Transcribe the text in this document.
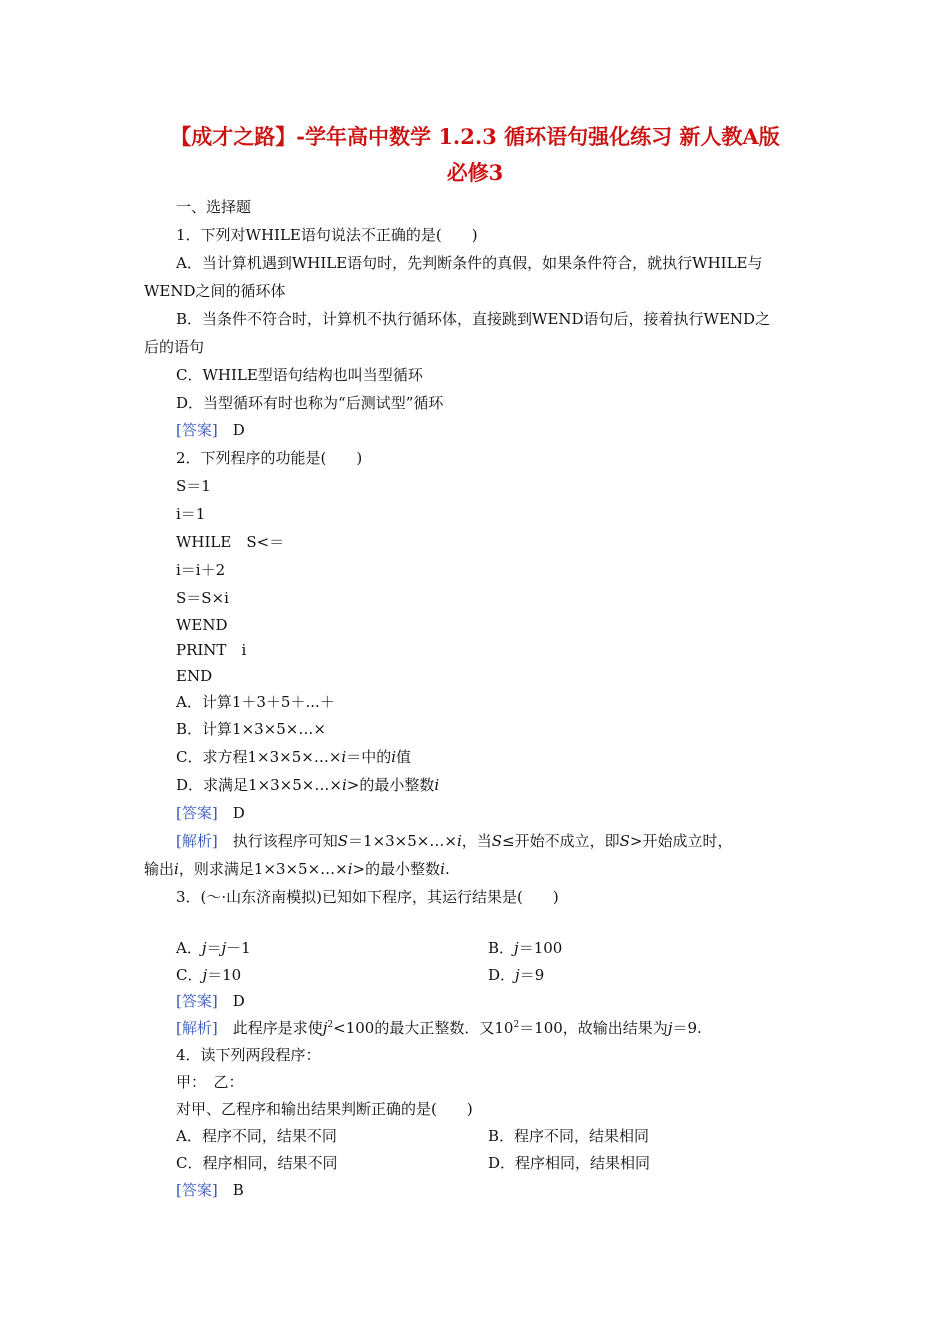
【成才之路】-学年高中数学 1.2.3 循环语句强化练习 新人教A版
必修3
一、选择题
1．下列对WHILE语句说法不正确的是(　　)
A．当计算机遇到WHILE语句时，先判断条件的真假，如果条件符合，就执行WHILE与
WEND之间的循环体
B．当条件不符合时，计算机不执行循环体，直接跳到WEND语句后，接着执行WEND之
后的语句
C．WHILE型语句结构也叫当型循环
D．当型循环有时也称为“后测试型”循环
[答案]　 D
2．下列程序的功能是(　　)
S＝1
i＝1
WHILE　S<＝
i＝i＋2
S＝S×i
WEND
PRINT　i
END
A．计算1＋3＋5＋...＋
B．计算1×3×5×…×
C．求方程1×3×5×…×i＝中的i值
D．求满足1×3×5×…×i>的最小整数i
[答案]　 D
[解析]　 执行该程序可知S＝1×3×5×…×i，当S≤开始不成立，即S>开始成立时，
输出i，则求满足1×3×5×…×i>的最小整数i.
3．(～·山东济南模拟)已知如下程序，其运行结果是(　　)
A．j＝j－1	B．j＝100
C．j＝10	D．j＝9
[答案]　 D
[解析]　 此程序是求使$j^2<100$的最大正整数．又$10^2=100$，故输出结果为j＝9.
4．读下列两段程序：
甲：　乙：
对甲、乙程序和输出结果判断正确的是(　　)
A．程序不同，结果不同	B．程序不同，结果相同
C．程序相同，结果不同	D．程序相同，结果相同
[答案]　 B
